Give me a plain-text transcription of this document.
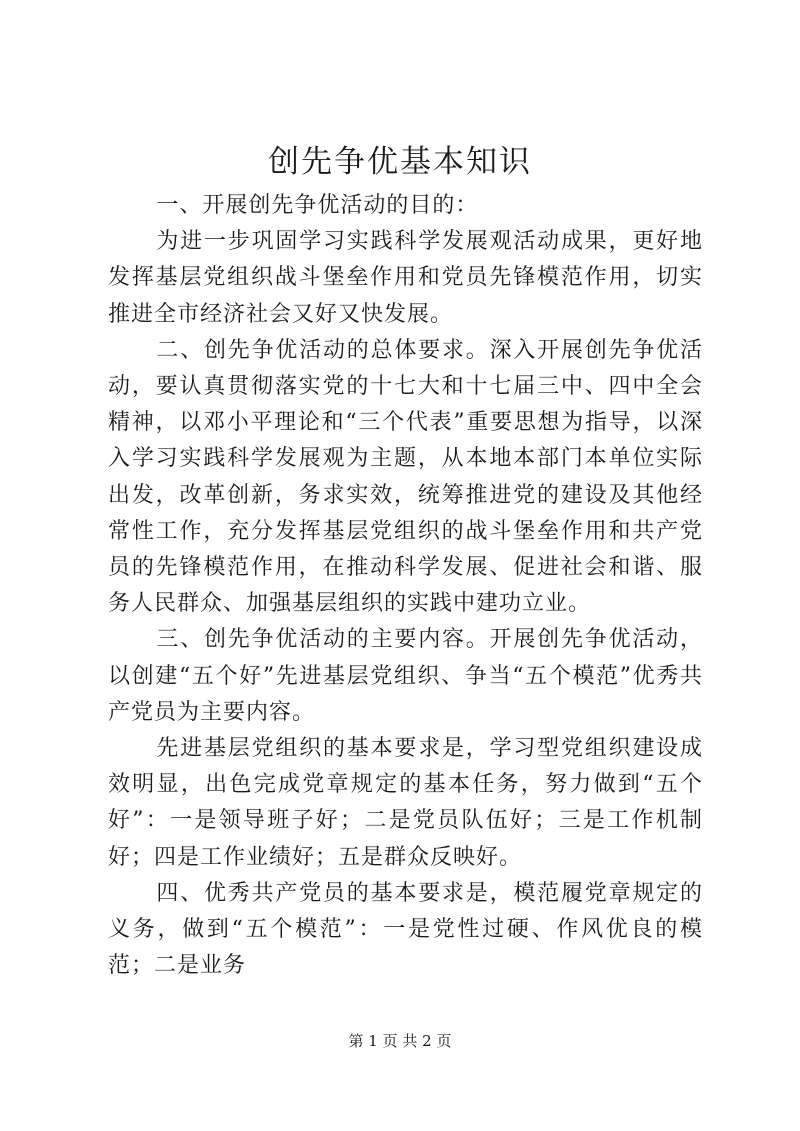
创先争优基本知识

一、开展创先争优活动的目的：

为进一步巩固学习实践科学发展观活动成果，更好地发挥基层党组织战斗堡垒作用和党员先锋模范作用，切实推进全市经济社会又好又快发展。

二、创先争优活动的总体要求。深入开展创先争优活动，要认真贯彻落实党的十七大和十七届三中、四中全会精神，以邓小平理论和“三个代表”重要思想为指导，以深入学习实践科学发展观为主题，从本地本部门本单位实际出发，改革创新，务求实效，统筹推进党的建设及其他经常性工作，充分发挥基层党组织的战斗堡垒作用和共产党员的先锋模范作用，在推动科学发展、促进社会和谐、服务人民群众、加强基层组织的实践中建功立业。

三、创先争优活动的主要内容。开展创先争优活动，以创建“五个好”先进基层党组织、争当“五个模范”优秀共产党员为主要内容。

先进基层党组织的基本要求是，学习型党组织建设成效明显，出色完成党章规定的基本任务，努力做到“五个好”：一是领导班子好；二是党员队伍好；三是工作机制好；四是工作业绩好；五是群众反映好。

四、优秀共产党员的基本要求是，模范履党章规定的义务，做到“五个模范”：一是党性过硬、作风优良的模范；二是业务

第 1 页 共 2 页
